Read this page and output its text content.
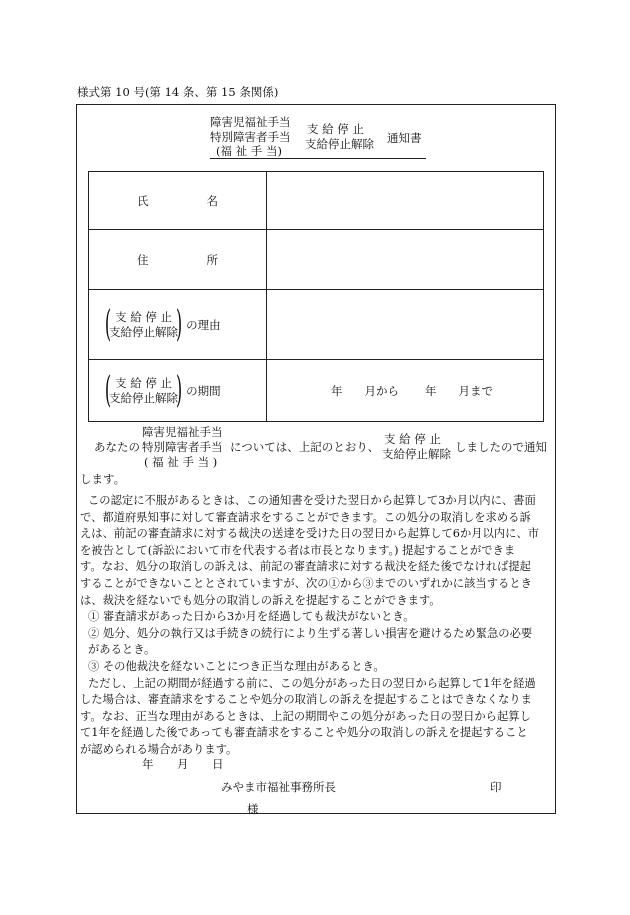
様式第 10 号(第 14 条、第 15 条関係)
障害児福祉手当
特別障害者手当
(福 祉 手 当)
支 給 停 止
支給停止解除 通知書
氏 名	

住 所	

( 支 給 停 止
支給停止解除
) の理由	

( 支 給 停 止
支給停止解除
) の期間	年 月から 年 月まで
障害児福祉手当
あなたの 特別障害者手当
( 福 祉 手 当 )
については、上記のとおり、
支 給 停 止
支給停止解除 しましたので通知
します。
この認定に不服があるときは、この通知書を受けた翌日から起算して3か月以内に、書面
で、都道府県知事に対して審査請求をすることができます。この処分の取消しを求める訴
えは、前記の審査請求に対する裁決の送達を受けた日の翌日から起算して6か月以内に、市
を被告として(訴訟において市を代表する者は市長となります。) 提起することができま
す。なお、処分の取消しの訴えは、前記の審査請求に対する裁決を経た後でなければ提起
することができないこととされていますが、次の①から③までのいずれかに該当するとき
は、裁決を経ないでも処分の取消しの訴えを提起することができます。
① 審査請求があった日から3か月を経過しても裁決がないとき。
② 処分、処分の執行又は手続きの続行により生ずる著しい損害を避けるため緊急の必要
があるとき。
③ その他裁決を経ないことにつき正当な理由があるとき。
ただし、上記の期間が経過する前に、この処分があった日の翌日から起算して1年を経過
した場合は、審査請求をすることや処分の取消しの訴えを提起することはできなくなりま
す。なお、正当な理由があるときは、上記の期間やこの処分があった日の翌日から起算し
て1年を経過した後であっても審査請求をすることや処分の取消しの訴えを提起すること
が認められる場合があります。
年 月 日
みやま市福祉事務所長	印
様
